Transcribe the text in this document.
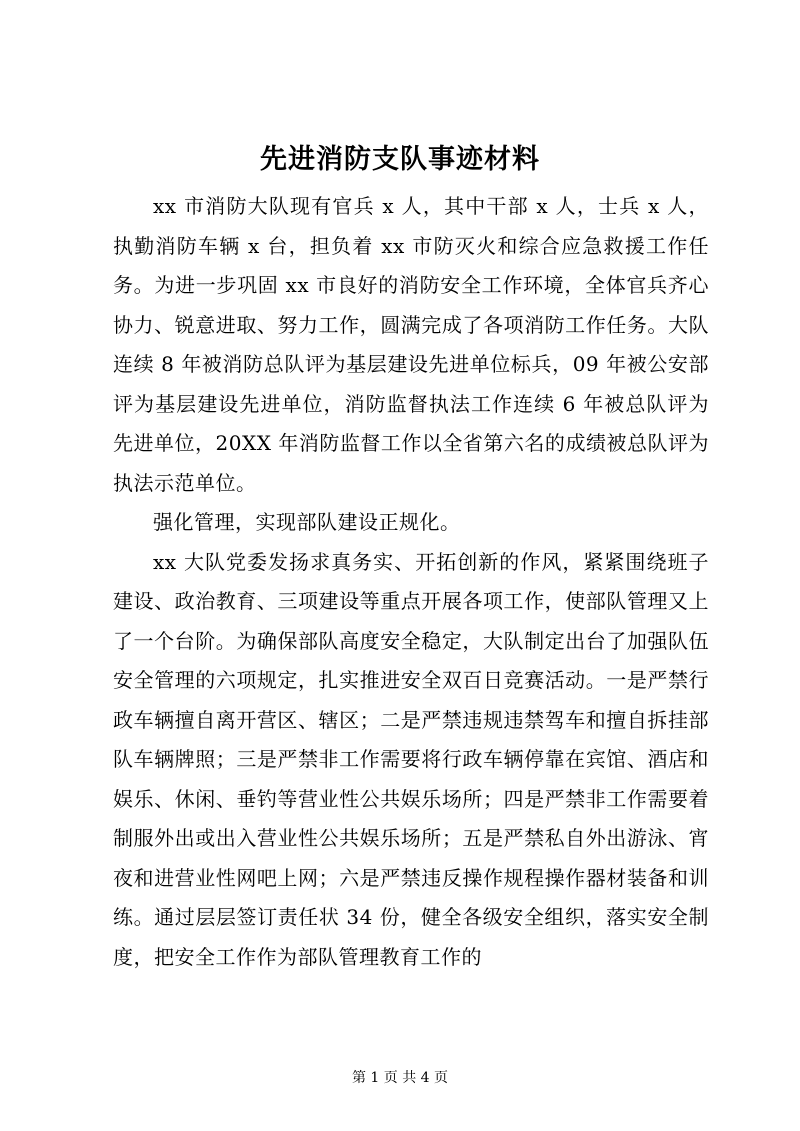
先进消防支队事迹材料

xx 市消防大队现有官兵 x 人，其中干部 x 人，士兵 x 人，执勤消防车辆 x 台，担负着 xx 市防灭火和综合应急救援工作任务。为进一步巩固 xx 市良好的消防安全工作环境，全体官兵齐心协力、锐意进取、努力工作，圆满完成了各项消防工作任务。大队连续 8 年被消防总队评为基层建设先进单位标兵，09 年被公安部评为基层建设先进单位，消防监督执法工作连续 6 年被总队评为先进单位，20XX 年消防监督工作以全省第六名的成绩被总队评为执法示范单位。

强化管理，实现部队建设正规化。

xx 大队党委发扬求真务实、开拓创新的作风，紧紧围绕班子建设、政治教育、三项建设等重点开展各项工作，使部队管理又上了一个台阶。为确保部队高度安全稳定，大队制定出台了加强队伍安全管理的六项规定，扎实推进安全双百日竞赛活动。一是严禁行政车辆擅自离开营区、辖区；二是严禁违规违禁驾车和擅自拆挂部队车辆牌照；三是严禁非工作需要将行政车辆停靠在宾馆、酒店和娱乐、休闲、垂钓等营业性公共娱乐场所；四是严禁非工作需要着制服外出或出入营业性公共娱乐场所；五是严禁私自外出游泳、宵夜和进营业性网吧上网；六是严禁违反操作规程操作器材装备和训练。通过层层签订责任状 34 份，健全各级安全组织，落实安全制度，把安全工作作为部队管理教育工作的

第 1 页 共 4 页
